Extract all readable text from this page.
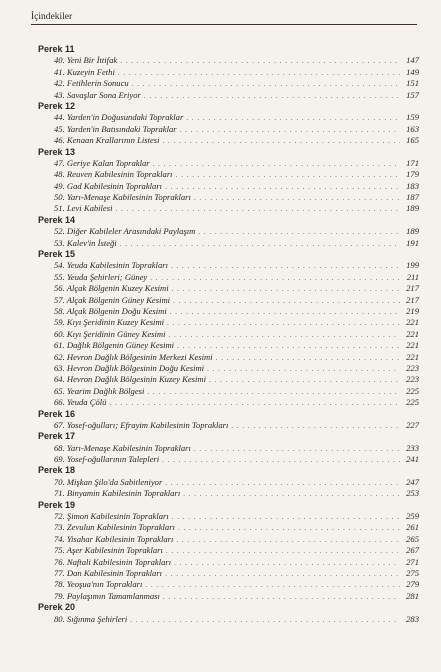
İçindekiler
Perek 11
40. Yeni Bir İttifak . . .	147
41. Kuzeyin Fethi . . .	149
42. Fetihlerin Sonucu . . .	151
43. Savaşlar Sona Eriyor . . .	157
Perek 12
44. Yarden'in Doğusundaki Topraklar . . .	159
45. Yarden'in Batısındaki Topraklar . . .	163
46. Kenaan Krallarının Listesi . . .	165
Perek 13
47. Geriye Kalan Topraklar . . .	171
48. Reuven Kabilesinin Toprakları . . .	179
49. Gad Kabilesinin Toprakları . . .	183
50. Yarı-Menaşe Kabilesinin Toprakları . . .	187
51. Levi Kabilesi . . .	189
Perek 14
52. Diğer Kabileler Arasındaki Paylaşım . . .	189
53. Kalev'in İsteği . . .	191
Perek 15
54. Yeuda Kabilesinin Toprakları . . .	199
55. Yeuda Şehirleri; Güney . . .	211
56. Alçak Bölgenin Kuzey Kesimi . . .	217
57. Alçak Bölgenin Güney Kesimi . . .	217
58. Alçak Bölgenin Doğu Kesimi . . .	219
59. Kıyı Şeridinin Kuzey Kesimi . . .	221
60. Kıyı Şeridinin Güney Kesimi . . .	221
61. Dağlık Bölgenin Güney Kesimi . . .	221
62. Hevron Dağlık Bölgesinin Merkezi Kesimi . . .	221
63. Hevron Dağlık Bölgesinin Doğu Kesimi . . .	223
64. Hevron Dağlık Bölgesinin Kuzey Kesimi . . .	223
65. Yearim Dağlık Bölgesi . . .	225
66. Yeuda Çölü . . .	225
Perek 16
67. Yosef-oğulları; Efrayim Kabilesinin Toprakları . . .	227
Perek 17
68. Yarı-Menaşe Kabilesinin Toprakları . . .	233
69. Yosef-oğullarının Talepleri . . .	241
Perek 18
70. Mişkan Şilo'da Sabitleniyor . . .	247
71. Binyamin Kabilesinin Toprakları . . .	253
Perek 19
72. Şimon Kabilesinin Toprakları . . .	259
73. Zevulun Kabilesinin Toprakları . . .	261
74. Yisahar Kabilesinin Toprakları . . .	265
75. Aşer Kabilesinin Toprakları . . .	267
76. Naftali Kabilesinin Toprakları . . .	271
77. Dan Kabilesinin Toprakları . . .	275
78. Yeoşua'nın Toprakları . . .	279
79. Paylaşımın Tamamlanması . . .	281
Perek 20
80. Sığınma Şehirleri . . .	283
